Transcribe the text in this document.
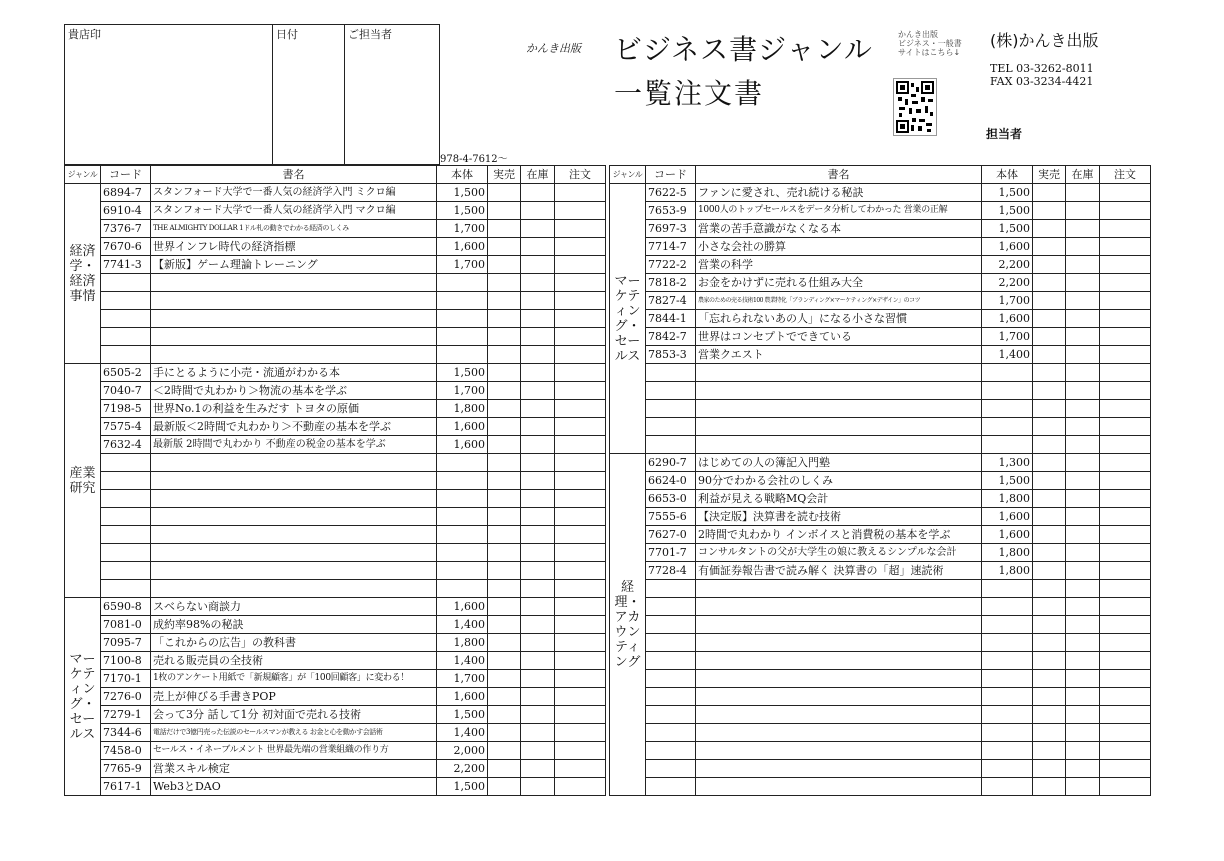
貴店印	日付	ご担当者
978-4-7612～
かんき出版 ビジネス書ジャンル
一覧注文書
かんき出版
ビジネス・一般書
サイトはこちら↓
(株)かんき出版
TEL 03-3262-8011
FAX 03-3234-4421
担当者
ジャンル	コード	書名	本体	実売	在庫	注文

経済学・経済事情	6894-7	スタンフォード大学で一番人気の経済学入門 ミクロ編	1,500			
	6910-4	スタンフォード大学で一番人気の経済学入門 マクロ編	1,500			
	7376-7	THE ALMIGHTY DOLLAR 1ドル札の動きでわかる経済のしくみ	1,700			
	7670-6	世界インフレ時代の経済指標	1,600			
	7741-3	【新版】ゲーム理論トレーニング	1,700			

産業研究	6505-2	手にとるように小売・流通がわかる本	1,500			
	7040-7	＜2時間で丸わかり＞物流の基本を学ぶ	1,700			
	7198-5	世界No.1の利益を生みだす トヨタの原価	1,800			
	7575-4	最新版＜2時間で丸わかり＞不動産の基本を学ぶ	1,600			
	7632-4	最新版 2時間で丸わかり 不動産の税金の基本を学ぶ	1,600			

マーケティング・セールス	6590-8	スベらない商談力	1,600			
	7081-0	成約率98%の秘訣	1,400			
	7095-7	「これからの広告」の教科書	1,800			
	7100-8	売れる販売員の全技術	1,400			
	7170-1	1枚のアンケート用紙で「新規顧客」が「100回顧客」に変わる！	1,700			
	7276-0	売上が伸びる手書きPOP	1,600			
	7279-1	会って3分 話して1分 初対面で売れる技術	1,500			
	7344-6	電話だけで3億円売った伝説のセールスマンが教える お金と心を動かす会話術	1,400			
	7458-0	セールス・イネーブルメント 世界最先端の営業組織の作り方	2,000			
	7765-9	営業スキル検定	2,200			
	7617-1	Web3とDAO	1,500			
ジャンル	コード	書名	本体	実売	在庫	注文

マーケティング・セールス	7622-5	ファンに愛され、売れ続ける秘訣	1,500			
	7653-9	1000人のトップセールスをデータ分析してわかった 営業の正解	1,500			
	7697-3	営業の苦手意識がなくなる本	1,500			
	7714-7	小さな会社の勝算	1,600			
	7722-2	営業の科学	2,200			
	7818-2	お金をかけずに売れる仕組み大全	2,200			
	7827-4	農家のための売る技術100 農業特化「ブランディング×マーケティング×デザイン」のコツ	1,700			
	7844-1	「忘れられないあの人」になる小さな習慣	1,600			
	7842-7	世界はコンセプトでできている	1,700			
	7853-3	営業クエスト	1,400			

経理・アカウンティング	6290-7	はじめての人の簿記入門塾	1,300			
	6624-0	90分でわかる会社のしくみ	1,500			
	6653-0	利益が見える戦略MQ会計	1,800			
	7555-6	【決定版】決算書を読む技術	1,600			
	7627-0	2時間で丸わかり インボイスと消費税の基本を学ぶ	1,600			
	7701-7	コンサルタントの父が大学生の娘に教えるシンプルな会計	1,800			
	7728-4	有価証券報告書で読み解く 決算書の「超」速読術	1,800			
